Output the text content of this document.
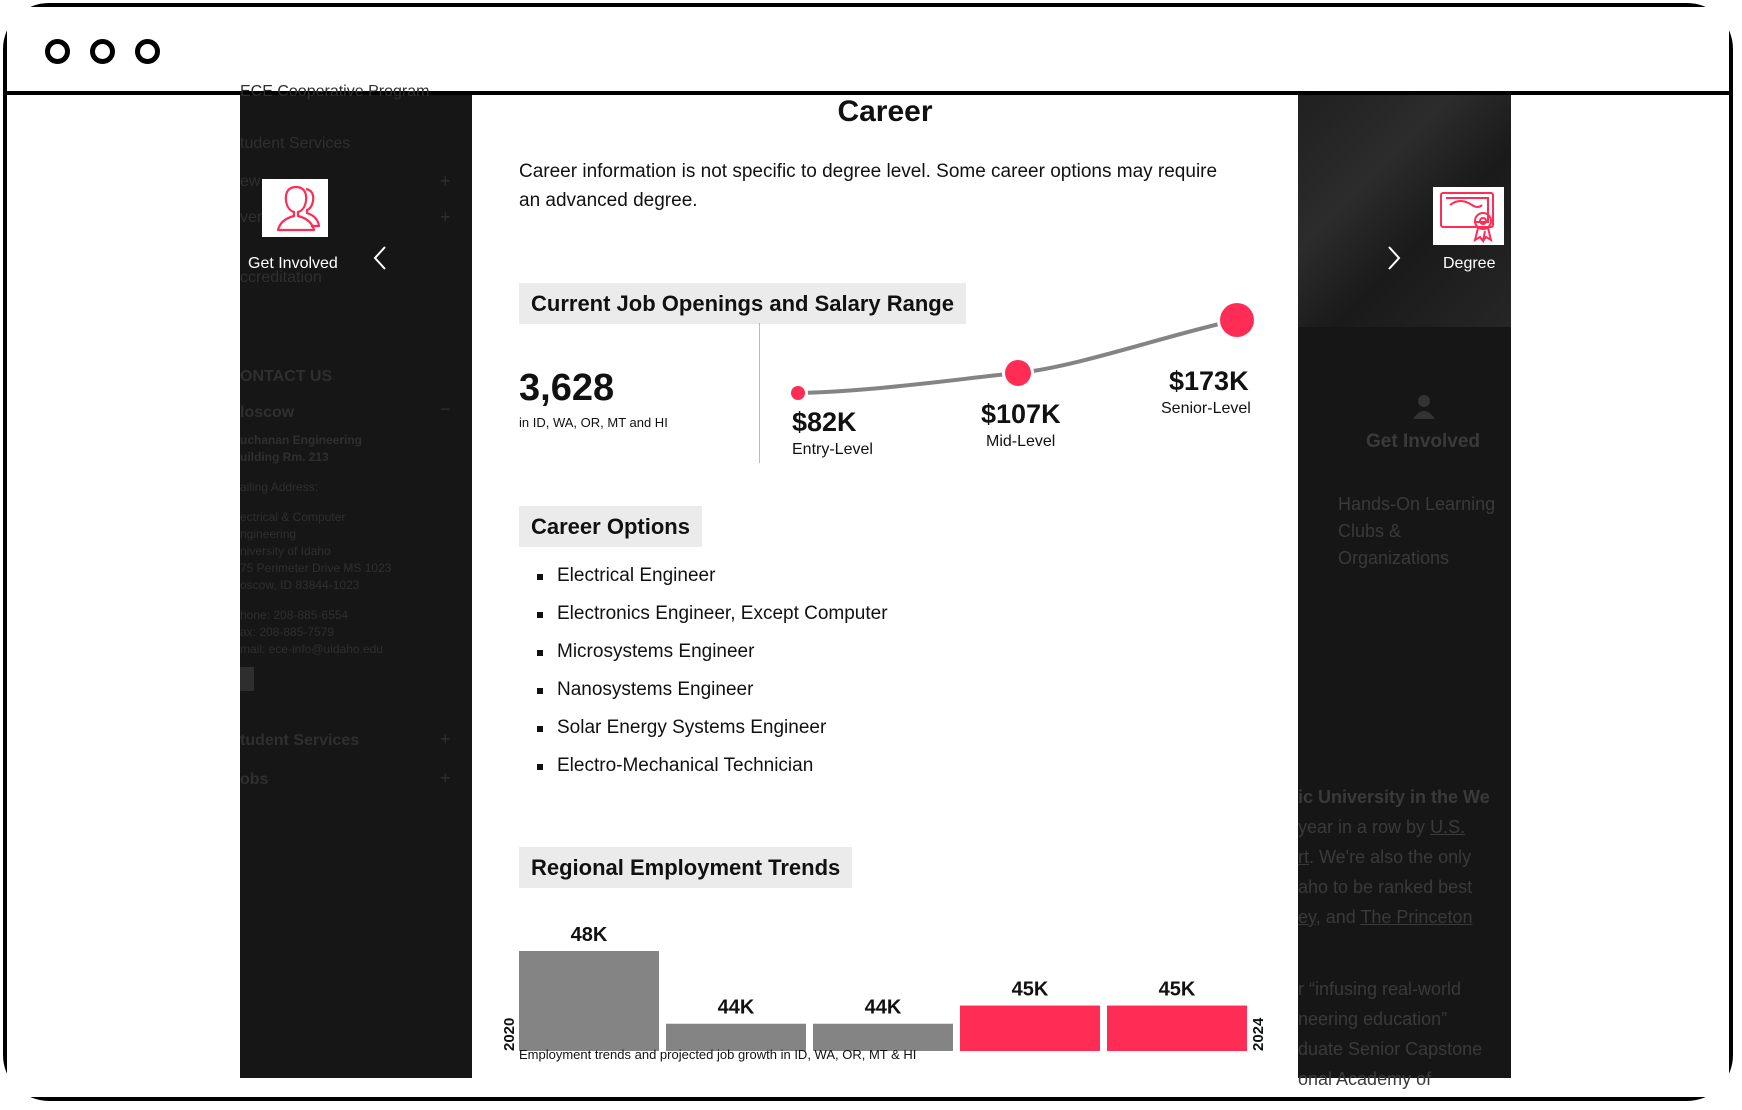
ECE Cooperative Program
tudent Services
ew	+
ver	+
ccreditation
ONTACT US
loscow	−
uchanan Engineering
uilding Rm. 213
ailing Address:
ectrical & Computer
ngineering
niversity of Idaho
75 Perimeter Drive MS 1023
oscow, ID 83844-1023
hone: 208-885-6554
ax: 208-885-7579
mail: ece-info@uidaho.edu
tudent Services	+
obs	+
Get Involved	Degree
Get Involved
Hands-On Learning
Clubs &
Organizations
ic University in the We
year in a row by U.S.
rt. We're also the only
aho to be ranked best
ey, and The Princeton
r “infusing real-world
neering education”
duate Senior Capstone
onal Academy of
Career
Career information is not specific to degree level. Some career options may require an advanced degree.
Current Job Openings and Salary Range
3,628
in ID, WA, OR, MT and HI	$82K
Entry-Level
$107K
Mid-Level
$173K
Senior-Level
Career Options
Electrical Engineer
Electronics Engineer, Except Computer
Microsystems Engineer
Nanosystems Engineer
Solar Energy Systems Engineer
Electro-Mechanical Technician
Regional Employment Trends
48K
44K	44K
45K	45K
2020	2024
Employment trends and projected job growth in ID, WA, OR, MT & HI
